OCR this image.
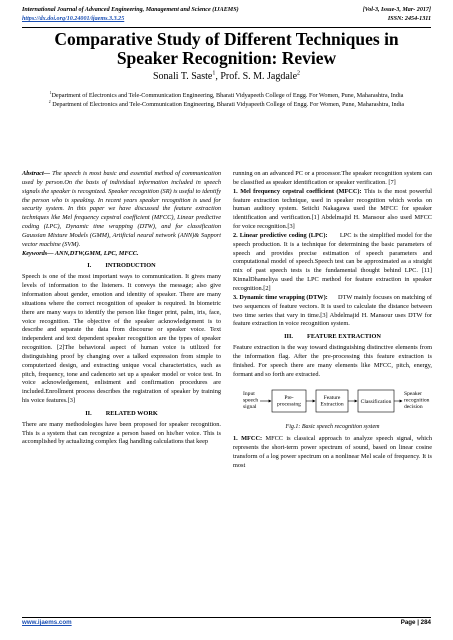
International Journal of Advanced Engineering, Management and Science (IJAEMS)	[Vol-3, Issue-3, Mar- 2017]
https://dx.doi.org/10.24001/ijaems.3.3.25	ISSN: 2454-1311
Comparative Study of Different Techniques in Speaker Recognition: Review
Sonali T. Saste$^1$, Prof. S. M. Jagdale$^2$

$^1$Department of Electronics and Tele-Communication Engineering, Bharati Vidyapeeth College of Engg. For Women, Pune, Maharashtra, India

$^2$ Department of Electronics and Tele-Communication Engineering, Bharati Vidyapeeth College of Engg. For Women, Pune, Maharashtra, India

Abstract— The speech is most basic and essential method of communication used by person.On the basis of individual information included in speech signals the speaker is recognized. Speaker recognition (SR) is useful to identify the person who is speaking. In recent years speaker recognition is used for security system. In this paper we have discussed the feature extraction techniques like Mel frequency cepstral coefficient (MFCC), Linear predictive coding (LPC), Dynamic time wrapping (DTW), and for classification Gaussian Mixture Models (GMM), Artificial neural network (ANN)& Support vector machine (SVM).

Keywords— ANN,DTW,GMM, LPC, MFCC.

I. INTRODUCTION

Speech is one of the most important ways to communication. It gives many levels of information to the listeners. It conveys the message; also give information about gender, emotion and identity of speaker. There are many situations where the correct recognition of speaker is required. In biometric there are many ways to identify the person like finger print, palm, iris, face, voice recognition. The objective of the speaker acknowledgement is to describe and separate the data from discourse or speaker voice. Text independent and text dependent speaker recognition are the types of speaker recognition. [2]The behavioral aspect of human voice is utilized for distinguishing proof by changing over a talked expression from simple to computerized design, and extracting unique vocal characteristics, such as pitch, frequency, tone and cadenceto set up a speaker model or voice test. In voice acknowledgement, enlistment and confirmation procedures are included.Enrollment process describes the registration of speaker by training his voice features.[3]

II. RELATED WORK

There are many methodologies have been proposed for speaker recognition. This is a system that can recognize a person based on his/her voice. This is accomplished by actualizing complex flag handling calculations that keep

running on an advanced PC or a processor.The speaker recognition system can be classified as speaker identification or speaker verification. [7]

1. Mel frequency cepstral coefficient (MFCC): This is the most powerful feature extraction technique, used in speaker recognition which works on human auditory system. Seiichi Nakagawa used the MFCC for speaker identification and verification.[1] Abdelmajid H. Mansour also used MFCC for voice recognition.[3]

2. Linear predictive coding (LPC):      LPC is the simplified model for the speech production. It is a technique for determining the basic parameters of speech and provides precise estimation of speech parameters and computational model of speech.Speech test can be approximated as a straight mix of past speech tests is the fundamental thought behind LPC. [11] KinnalDhameliya used the LPC method for feature extraction in speaker recognition.[2]

3. Dynamic time wrapping (DTW):      DTW mainly focuses on matching of two sequences of feature vectors. It is used to calculate the distance between two time series that vary in time.[3] Abdelmajid H. Mansour uses DTW for feature extraction in voice recognition system.

III. FEATURE EXTRACTION

Feature extraction is the way toward distinguishing distinctive elements from the information flag. After the pre-processing this feature extraction is finished. For speech there are many elements like MFCC, pitch, energy, formant and so forth are extracted.

Input speech signal
Pre-processing
Feature Extraction	Classification
Speaker recognition decision
Fig.1: Basic speech recognition system

1. MFCC: MFCC is classical approach to analyze speech signal, which represents the short-term power spectrum of sound, based on linear cosine transform of a log power spectrum on a nonlinear Mel scale of frequency. It is most

www.ijaems.com	Page | 284
